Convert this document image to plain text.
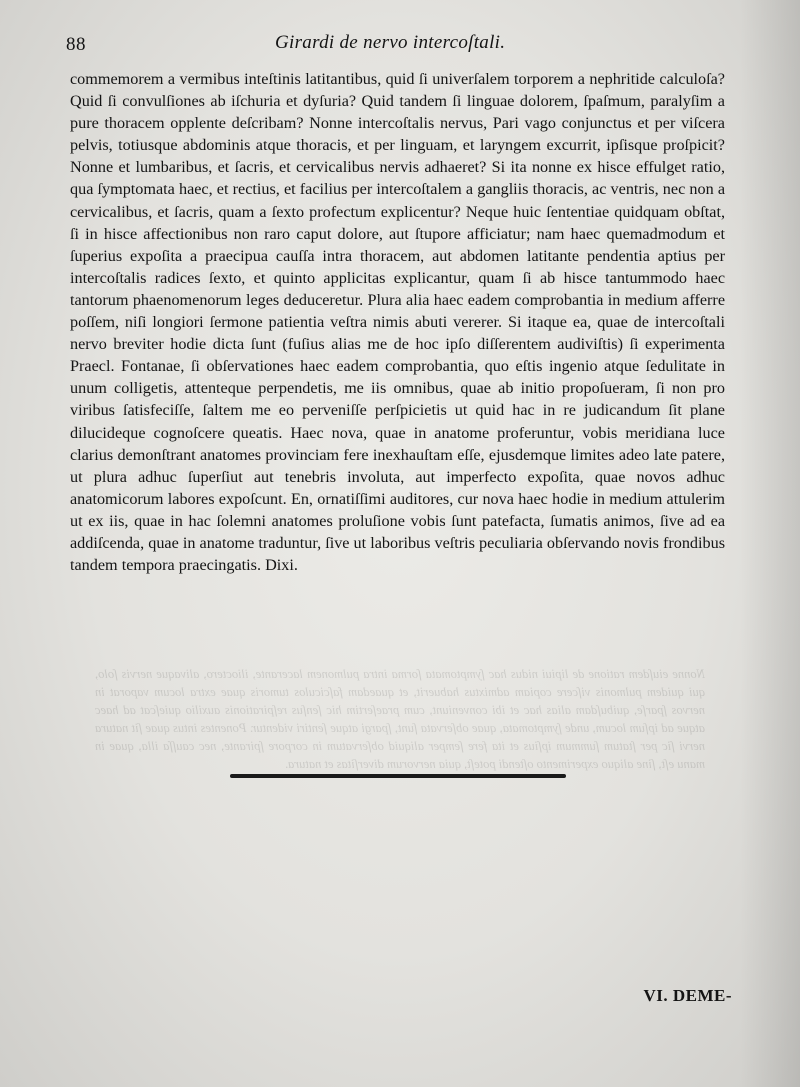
88	Girardi de nervo intercoſtali.
commemorem a vermibus inteſtinis latitantibus, quid ſi univerſalem torporem a nephritide calculoſa? Quid ſi convulſiones ab iſchuria et dyſuria? Quid tandem ſi linguae dolorem, ſpaſmum, paralyſim a pure thoracem opplente deſcribam? Nonne intercoſtalis nervus, Pari vago conjunctus et per viſcera pelvis, totiusque abdominis atque thoracis, et per linguam, et laryngem excurrit, ipſisque proſpicit? Nonne et lumbaribus, et ſacris, et cervicalibus nervis adhaeret? Si ita nonne ex hisce effulget ratio, qua ſymptomata haec, et rectius, et facilius per intercoſtalem a gangliis thoracis, ac ventris, nec non a cervicalibus, et ſacris, quam a ſexto profectum explicentur? Neque huic ſententiae quidquam obſtat, ſi in hisce affectionibus non raro caput dolore, aut ſtupore afficiatur; nam haec quemadmodum et ſuperius expoſita a praecipua cauſſa intra thoracem, aut abdomen latitante pendentia aptius per intercoſtalis radices ſexto, et quinto applicitas explicantur, quam ſi ab hisce tantummodo haec tantorum phaenomenorum leges deduceretur. Plura alia haec eadem comprobantia in medium afferre poſſem, niſi longiori ſermone patientia veſtra nimis abuti vererer. Si itaque ea, quae de intercoſtali nervo breviter hodie dicta ſunt (fuſius alias me de hoc ipſo diſſerentem audiviſtis) ſi experimenta Praecl. Fontanae, ſi obſervationes haec eadem comprobantia, quo eſtis ingenio atque ſedulitate in unum colligetis, attenteque perpendetis, me iis omnibus, quae ab initio propoſueram, ſi non pro viribus ſatisfeciſſe, ſaltem me eo perveniſſe perſpicietis ut quid hac in re judicandum ſit plane dilucideque cognoſcere queatis. Haec nova, quae in anatome proferuntur, vobis meridiana luce clarius demonſtrant anatomes provinciam fere inexhauſtam eſſe, ejusdemque limites adeo late patere, ut plura adhuc ſuperſiut aut tenebris involuta, aut imperfecto expoſita, quae novos adhuc anatomicorum labores expoſcunt. En, ornatiſſimi auditores, cur nova haec hodie in medium attulerim ut ex iis, quae in hac ſolemni anatomes proluſione vobis ſunt patefacta, ſumatis animos, ſive ad ea addiſcenda, quae in anatome traduntur, ſive ut laboribus veſtris peculiaria obſervando novis frondibus tandem tempora praecingatis. Dixi.
Nonne eiuſdem ratione de lipiui nidus hac ſymptomata ſorma intra pulmonem lacerante, ilioctero, alivaque nervis ſolo, qui quidem pulmonis viſcere copiam admixtus habuerit, et quaedam faſciculos tumoris quae extra locum vaporat in nervos ſparſe, quibuſdam alias hac et ibi conveniunt, cum praeſertim hic ſenſus reſpirationis auxilio quieſcat ad haec atque ad ipſum locum, unde ſymptomata, quae obſervata ſunt, ſpargi atque ſentiri videntur. Ponentes intus quae ſit natura nervi ſic per ſtatum ſummum ipſius et ita fere ſemper aliquid obſervatum in corpore ſpirante, nec cauſſa illa, quae in manu eſt, ſine aliquo experimento oſtendi poteſt, quia nervorum diverſitas et natura.
VI. DEME-
